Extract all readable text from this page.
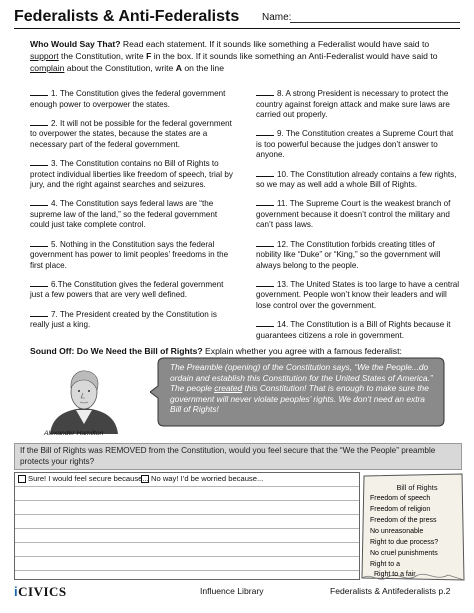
Federalists & Anti-Federalists Name:
Who Would Say That? Read each statement. If it sounds like something a Federalist would have said to support the Constitution, write F in the box. If it sounds like something an Anti-Federalist would have said to complain about the Constitution, write A on the line
1. The Constitution gives the federal government enough power to overpower the states.
2. It will not be possible for the federal government to overpower the states, because the states are a necessary part of the federal government.
3. The Constitution contains no Bill of Rights to protect individual liberties like freedom of speech, trial by jury, and the right against searches and seizures.
4. The Constitution says federal laws are “the supreme law of the land,” so the federal government could just take complete control.
5. Nothing in the Constitution says the federal government has power to limit peoples’ freedoms in the first place.
6.The Constitution gives the federal government just a few powers that are very well defined.
7. The President created by the Constitution is really just a king.
8. A strong President is necessary to protect the country against foreign attack and make sure laws are carried out properly.
9. The Constitution creates a Supreme Court that is too powerful because the judges don’t answer to anyone.
10. The Constitution already contains a few rights, so we may as well add a whole Bill of Rights.
11. The Supreme Court is the weakest branch of government because it doesn’t control the military and can’t pass laws.
12. The Constitution forbids creating titles of nobility like “Duke” or “King,” so the government will always belong to the people.
13. The United States is too large to have a central government. People won’t know their leaders and will lose control over the government.
14. The Constitution is a Bill of Rights because it guarantees citizens a role in government.
Sound Off: Do We Need the Bill of Rights? Explain whether you agree with a famous federalist:
Alexander Hamilton
The Preamble (opening) of the Constitution says, “We the People...do ordain and establish this Constitution for the United States of America.” The people created this Constitution! That is enough to make sure the government will never violate peoples’ rights. We don’t need an extra Bill of Rights!
If the Bill of Rights was REMOVED from the Constitution, would you feel secure that the “We the People” preamble protects your rights?
Sure! I would feel secure because... No way! I’d be worried because...
Freedom of speech
Freedom of religion
Freedom of the press
No unreasonable
Right to due process?
No cruel punishments
Right to a
Right to a fair
Bill of Rights
iCIVICS	Influence Library	Federalists & Antifederalists p.2
